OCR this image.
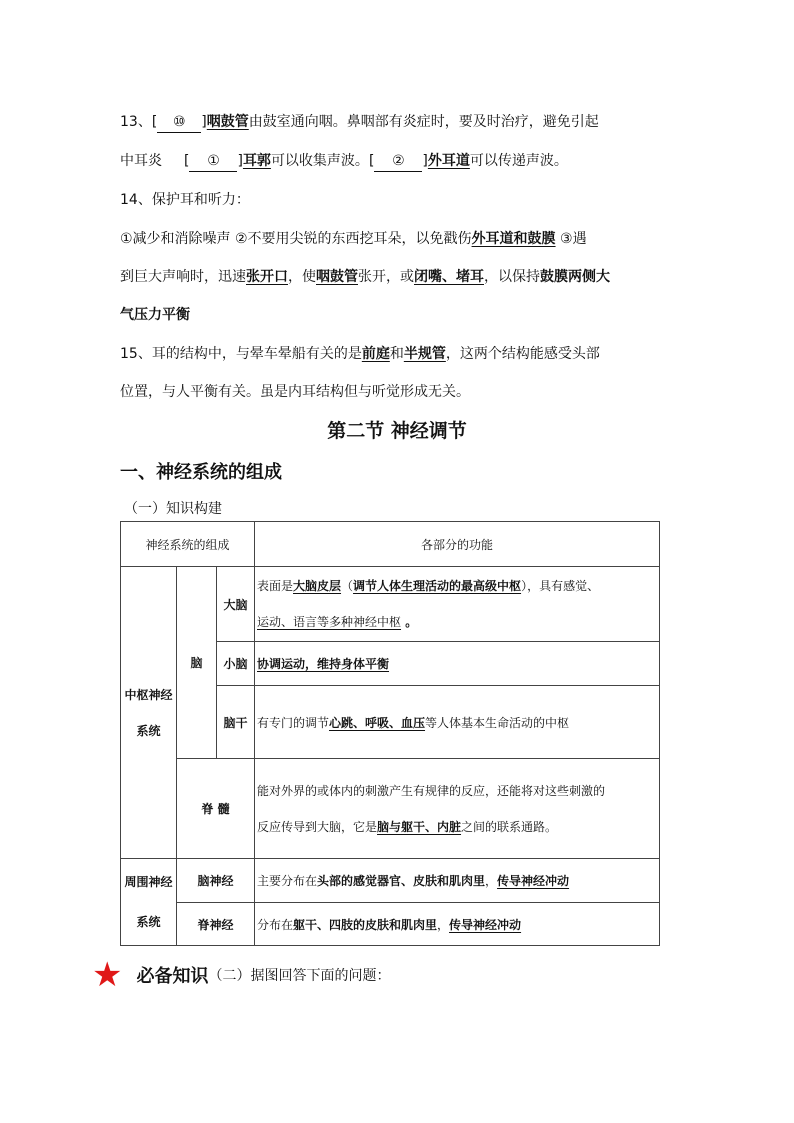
13、[ ⑩ ]咽鼓管由鼓室通向咽。鼻咽部有炎症时，要及时治疗，避免引起
中耳炎 [ ① ]耳郭可以收集声波。[ ② ]外耳道可以传递声波。
14、保护耳和听力：
①减少和消除噪声 ②不要用尖锐的东西挖耳朵，以免戳伤外耳道和鼓膜 ③遇
到巨大声响时，迅速张开口，使咽鼓管张开，或闭嘴、堵耳，以保持鼓膜两侧大
气压力平衡
15、耳的结构中，与晕车晕船有关的是前庭和半规管，这两个结构能感受头部
位置，与人平衡有关。虽是内耳结构但与听觉形成无关。
第二节 神经调节
一、神经系统的组成
（一）知识构建
神经系统的组成			各部分的功能
中枢神经
系统	脑	大脑	表面是大脑皮层（调节人体生理活动的最高级中枢），具有感觉、
运动、语言等多种神经中枢 。
		小脑	协调运动，维持身体平衡
		脑干	有专门的调节心跳、呼吸、血压等人体基本生命活动的中枢
	脊 髓		能对外界的或体内的刺激产生有规律的反应，还能将对这些刺激的
反应传导到大脑，它是脑与躯干、内脏之间的联系通路。
周围神经
系统	脑神经		主要分布在头部的感觉器官、皮肤和肌肉里，传导神经冲动
	脊神经		分布在躯干、四肢的皮肤和肌肉里，传导神经冲动
★ 必备知识（二）据图回答下面的问题：
